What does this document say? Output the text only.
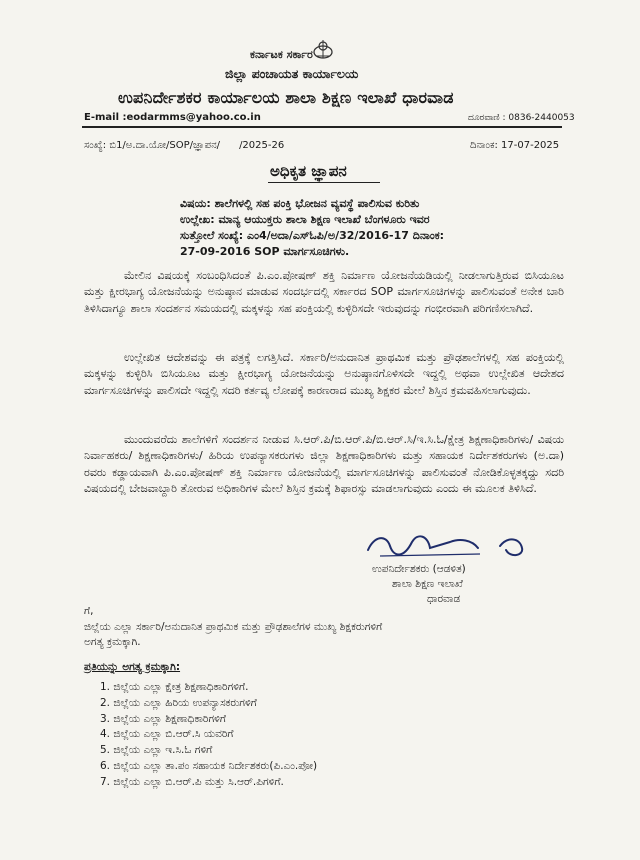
ಕರ್ನಾಟಕ ಸರ್ಕಾರ
ಜಿಲ್ಲಾ ಪಂಚಾಯತ ಕಾರ್ಯಾಲಯ
ಉಪನಿರ್ದೇಶಕರ ಕಾರ್ಯಾಲಯ ಶಾಲಾ ಶಿಕ್ಷಣ ಇಲಾಖೆ ಧಾರವಾಡ
E-mail :eodarmms@yahoo.co.in	ದೂರವಾಣಿ : 0836-2440053
ಸಂಖ್ಯೆ: ಬಿ1/ಅ.ದಾ.ಯೋ/SOP/ಜ್ಞಾಪನ/      /2025-26	ದಿನಾಂಕ: 17-07-2025
ಅಧಿಕೃತ ಜ್ಞಾಪನ
ವಿಷಯ: ಶಾಲೆಗಳಲ್ಲಿ ಸಹ ಪಂಕ್ತಿ ಭೋಜನ ವ್ಯವಸ್ಥೆ ಪಾಲಿಸುವ ಕುರಿತು
ಉಲ್ಲೇಖ: ಮಾನ್ಯ ಆಯುಕ್ತರು ಶಾಲಾ ಶಿಕ್ಷಣ ಇಲಾಖೆ ಬೆಂಗಳೂರು ಇವರ
ಸುತ್ತೋಲೆ ಸಂಖ್ಯೆ: ಎಂ4/ಅದಾ/ಎಸ್‌ಓಪಿ/ಅ/32/2016-17 ದಿನಾಂಕ:
27-09-2016 SOP ಮಾರ್ಗಸೂಚಿಗಳು.
ಮೇಲಿನ ವಿಷಯಕ್ಕೆ ಸಂಬಂಧಿಸಿದಂತೆ ಪಿ.ಎಂ.ಪೋಷಣ್ ಶಕ್ತಿ ನಿರ್ಮಾಣ ಯೋಜನೆಯಡಿಯಲ್ಲಿ ನೀಡಲಾಗುತ್ತಿರುವ ಬಿಸಿಯೂಟ ಮತ್ತು ಕ್ಷೀರಭಾಗ್ಯ ಯೋಜನೆಯನ್ನು ಅನುಷ್ಠಾನ ಮಾಡುವ ಸಂದರ್ಭದಲ್ಲಿ ಸರ್ಕಾರದ SOP ಮಾರ್ಗಸೂಚಿಗಳನ್ನು ಪಾಲಿಸುವಂತೆ ಅನೇಕ ಬಾರಿ ತಿಳಿಸಿದಾಗ್ಯೂ ಶಾಲಾ ಸಂದರ್ಶನ ಸಮಯದಲ್ಲಿ ಮಕ್ಕಳನ್ನು ಸಹ ಪಂಕ್ತಿಯಲ್ಲಿ ಕುಳ್ಳಿರಿಸದೇ ಇರುವುದನ್ನು ಗಂಭೀರವಾಗಿ ಪರಿಗಣಿಸಲಾಗಿದೆ.
ಉಲ್ಲೇಖಿತ ಆದೇಶವನ್ನು ಈ ಪತ್ರಕ್ಕೆ ಲಗತ್ತಿಸಿದೆ. ಸರ್ಕಾರಿ/ಅನುದಾನಿತ ಪ್ರಾಥಮಿಕ ಮತ್ತು ಪ್ರೌಢಶಾಲೆಗಳಲ್ಲಿ ಸಹ ಪಂಕ್ತಿಯಲ್ಲಿ ಮಕ್ಕಳನ್ನು ಕುಳ್ಳಿರಿಸಿ ಬಿಸಿಯೂಟ ಮತ್ತು ಕ್ಷೀರಭಾಗ್ಯ ಯೋಜನೆಯನ್ನು ಅನುಷ್ಠಾನಗೊಳಿಸದೇ ಇದ್ದಲ್ಲಿ ಅಥವಾ ಉಲ್ಲೇಖಿತ ಆದೇಶದ ಮಾರ್ಗಸೂಚಿಗಳನ್ನು ಪಾಲಿಸದೇ ಇದ್ದಲ್ಲಿ ಸದರಿ ಕರ್ತವ್ಯ ಲೋಪಕ್ಕೆ ಕಾರಣರಾದ ಮುಖ್ಯ ಶಿಕ್ಷಕರ ಮೇಲೆ ಶಿಸ್ತಿನ ಕ್ರಮವಹಿಸಲಾಗುವುದು.
ಮುಂದುವರೆದು ಶಾಲೆಗಳಿಗೆ ಸಂದರ್ಶನ ನೀಡುವ ಸಿ.ಆರ್.ಪಿ/ಬಿ.ಆರ್.ಪಿ/ಬಿ.ಆರ್.ಸಿ/ಇ.ಸಿ.ಓ/ಕ್ಷೇತ್ರ ಶಿಕ್ಷಣಾಧಿಕಾರಿಗಳು/ ವಿಷಯ ನಿರ್ವಾಹಕರು/ ಶಿಕ್ಷಣಾಧಿಕಾರಿಗಳು/ ಹಿರಿಯ ಉಪನ್ಯಾಸಕರುಗಳು ಜಿಲ್ಲಾ ಶಿಕ್ಷಣಾಧಿಕಾರಿಗಳು ಮತ್ತು ಸಹಾಯಕ ನಿರ್ದೇಶಕರುಗಳು (ಅ.ದಾ) ರವರು ಕಡ್ಡಾಯವಾಗಿ ಪಿ.ಎಂ.ಪೋಷಣ್ ಶಕ್ತಿ ನಿರ್ಮಾಣ ಯೋಜನೆಯಲ್ಲಿ ಮಾರ್ಗಸೂಚಿಗಳನ್ನು ಪಾಲಿಸುವಂತೆ ನೋಡಿಕೊಳ್ಳತಕ್ಕದ್ದು ಸದರಿ ವಿಷಯದಲ್ಲಿ ಬೇಜವಾಬ್ದಾರಿ ತೋರುವ ಅಧಿಕಾರಿಗಳ ಮೇಲೆ ಶಿಸ್ತಿನ ಕ್ರಮಕ್ಕೆ ಶಿಫಾರಸ್ಸು ಮಾಡಲಾಗುವುದು ಎಂದು ಈ ಮೂಲಕ ತಿಳಿಸಿದೆ.
ಉಪನಿರ್ದೇಶಕರು (ಆಡಳಿತ)
ಶಾಲಾ ಶಿಕ್ಷಣ ಇಲಾಖೆ
ಧಾರವಾಡ
ಗೆ,
ಜಿಲ್ಲೆಯ ಎಲ್ಲಾ ಸರ್ಕಾರಿ/ಅನುದಾನಿತ ಪ್ರಾಥಮಿಕ ಮತ್ತು ಪ್ರೌಢಶಾಲೆಗಳ ಮುಖ್ಯ ಶಿಕ್ಷಕರುಗಳಿಗೆ
ಅಗತ್ಯ ಕ್ರಮಕ್ಕಾಗಿ.
ಪ್ರತಿಯನ್ನು ಅಗತ್ಯ ಕ್ರಮಕ್ಕಾಗಿ:
1. ಜಿಲ್ಲೆಯ ಎಲ್ಲಾ ಕ್ಷೇತ್ರ ಶಿಕ್ಷಣಾಧಿಕಾರಿಗಳಿಗೆ.
2. ಜಿಲ್ಲೆಯ ಎಲ್ಲಾ ಹಿರಿಯ ಉಪನ್ಯಾಸಕರುಗಳಿಗೆ
3. ಜಿಲ್ಲೆಯ ಎಲ್ಲಾ ಶಿಕ್ಷಣಾಧಿಕಾರಿಗಳಿಗೆ
4. ಜಿಲ್ಲೆಯ ಎಲ್ಲಾ ಬಿ.ಆರ್.ಸಿ ಯವರಿಗೆ
5. ಜಿಲ್ಲೆಯ ಎಲ್ಲಾ ಇ.ಸಿ.ಓ ಗಳಿಗೆ
6. ಜಿಲ್ಲೆಯ ಎಲ್ಲಾ ತಾ.ಪಂ ಸಹಾಯಕ ನಿರ್ದೇಶಕರು(ಪಿ.ಎಂ.ಪೋ)
7. ಜಿಲ್ಲೆಯ ಎಲ್ಲಾ ಬಿ.ಆರ್.ಪಿ ಮತ್ತು ಸಿ.ಆರ್.ಪಿಗಳಿಗೆ.
